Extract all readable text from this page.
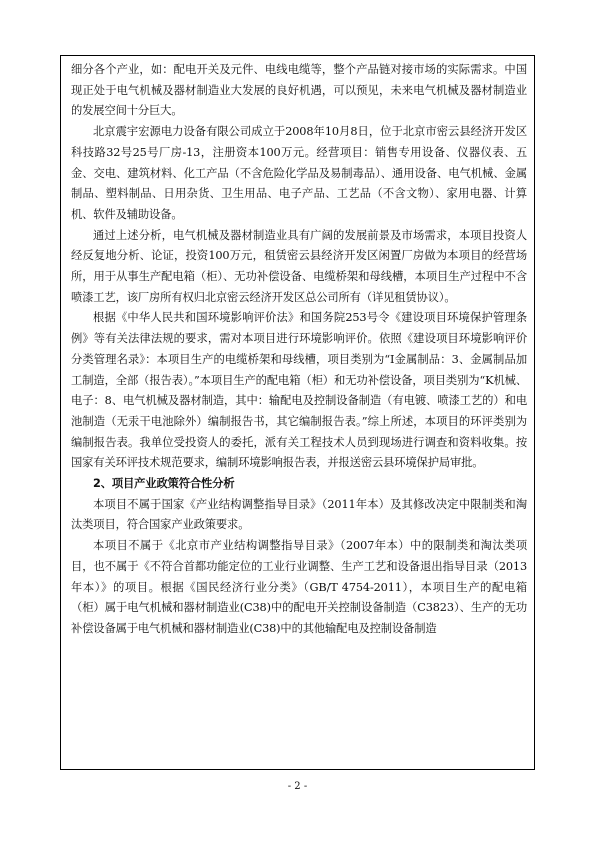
细分各个产业，如：配电开关及元件、电线电缆等，整个产品链对接市场的实际需求。中国现正处于电气机械及器材制造业大发展的良好机遇，可以预见，未来电气机械及器材制造业的发展空间十分巨大。

北京震宇宏源电力设备有限公司成立于2008年10月8日，位于北京市密云县经济开发区科技路32号25号厂房-13，注册资本100万元。经营项目：销售专用设备、仪器仪表、五金、交电、建筑材料、化工产品（不含危险化学品及易制毒品）、通用设备、电气机械、金属制品、塑料制品、日用杂货、卫生用品、电子产品、工艺品（不含文物）、家用电器、计算机、软件及辅助设备。

通过上述分析，电气机械及器材制造业具有广阔的发展前景及市场需求，本项目投资人经反复地分析、论证，投资100万元，租赁密云县经济开发区闲置厂房做为本项目的经营场所，用于从事生产配电箱（柜）、无功补偿设备、电缆桥架和母线槽，本项目生产过程中不含喷漆工艺，该厂房所有权归北京密云经济开发区总公司所有（详见租赁协议）。

根据《中华人民共和国环境影响评价法》和国务院253号令《建设项目环境保护管理条例》等有关法律法规的要求，需对本项目进行环境影响评价。依照《建设项目环境影响评价分类管理名录》：本项目生产的电缆桥架和母线槽，项目类别为“I金属制品：3、金属制品加工制造，全部（报告表）。”本项目生产的配电箱（柜）和无功补偿设备，项目类别为“K机械、电子：8、电气机械及器材制造，其中：输配电及控制设备制造（有电镀、喷漆工艺的）和电池制造（无汞干电池除外）编制报告书，其它编制报告表。”综上所述，本项目的环评类别为编制报告表。我单位受投资人的委托，派有关工程技术人员到现场进行调查和资料收集。按国家有关环评技术规范要求，编制环境影响报告表，并报送密云县环境保护局审批。

2、项目产业政策符合性分析

本项目不属于国家《产业结构调整指导目录》（2011年本）及其修改决定中限制类和淘汰类项目，符合国家产业政策要求。

本项目不属于《北京市产业结构调整指导目录》（2007年本）中的限制类和淘汰类项目，也不属于《不符合首都功能定位的工业行业调整、生产工艺和设备退出指导目录（2013年本）》的项目。根据《国民经济行业分类》（GB/T 4754-2011），本项目生产的配电箱（柜）属于电气机械和器材制造业(C38)中的配电开关控制设备制造（C3823）、生产的无功补偿设备属于电气机械和器材制造业(C38)中的其他输配电及控制设备制造

- 2 -
